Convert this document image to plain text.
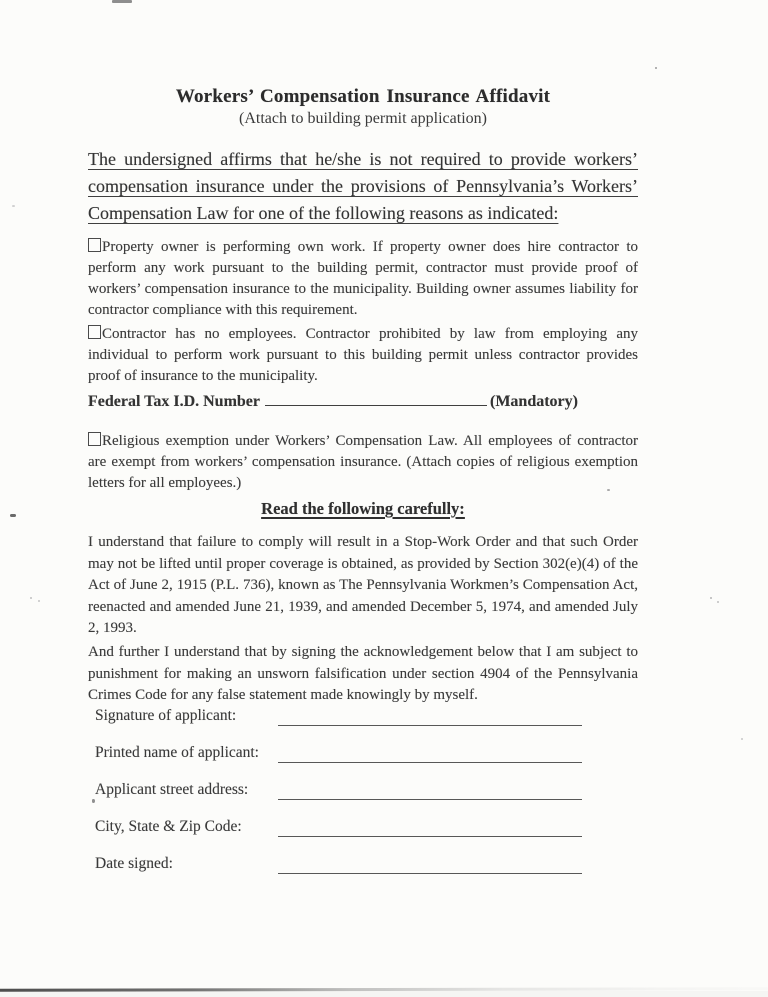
Workers’ Compensation Insurance Affidavit
(Attach to building permit application)
The undersigned affirms that he/she is not required to provide workers’
compensation insurance under the provisions of Pennsylvania’s Workers’
Compensation Law for one of the following reasons as indicated:
Property owner is performing own work. If property owner does hire contractor to perform any work pursuant to the building permit, contractor must provide proof of workers’ compensation insurance to the municipality. Building owner assumes liability for contractor compliance with this requirement.
Contractor has no employees. Contractor prohibited by law from employing any individual to perform work pursuant to this building permit unless contractor provides proof of insurance to the municipality.
Federal Tax I.D. Number	(Mandatory)
Religious exemption under Workers’ Compensation Law. All employees of contractor are exempt from workers’ compensation insurance. (Attach copies of religious exemption letters for all employees.)
Read the following carefully:
I understand that failure to comply will result in a Stop-Work Order and that such Order may not be lifted until proper coverage is obtained, as provided by Section 302(e)(4) of the Act of June 2, 1915 (P.L. 736), known as The Pennsylvania Workmen’s Compensation Act, reenacted and amended June 21, 1939, and amended December 5, 1974, and amended July 2, 1993.
And further I understand that by signing the acknowledgement below that I am subject to punishment for making an unsworn falsification under section 4904 of the Pennsylvania Crimes Code for any false statement made knowingly by myself.
Signature of applicant:
Printed name of applicant:
Applicant street address:
City, State & Zip Code:
Date signed:
